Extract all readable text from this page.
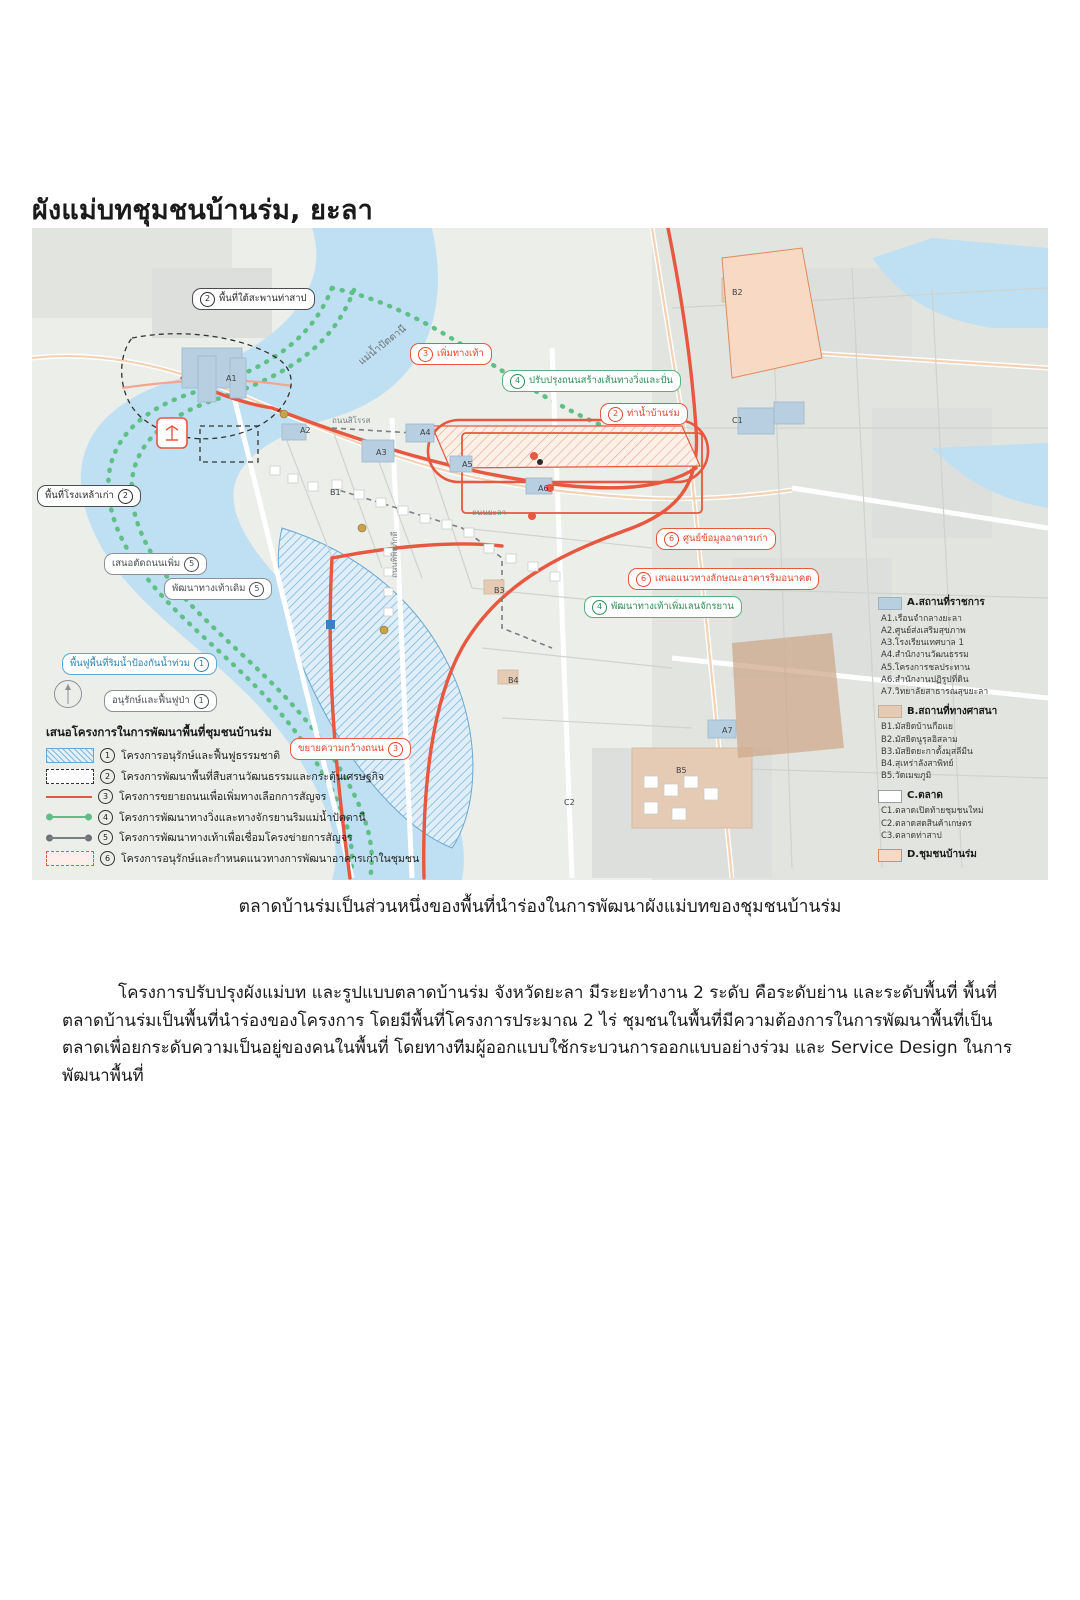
ผังแม่บทชุมชนบ้านร่ม, ยะลา
แม่น้ำปัตตานี
ถนนสิโรรส
ถนนยะลา
ถนนพิพิธภักดี
A1
A2
A3
A4
A5
A6
A7
B1
B2
B3
B4
B5
C1
C2
2 พื้นที่ใต้สะพานท่าสาป
3 เพิ่มทางเท้า
4 ปรับปรุงถนนสร้างเส้นทางวิ่งและปั่น
2 ท่าน้ำบ้านร่ม
พื้นที่โรงเหล้าเก่า	2
เสนอตัดถนนเพิ่ม	5
พัฒนาทางเท้าเดิม	5
6 ศูนย์ข้อมูลอาคารเก่า
6 เสนอแนวทางลักษณะอาคารริมอนาคต
4 พัฒนาทางเท้าเพิ่มเลนจักรยาน
พื้นฟูพื้นที่ริมน้ำป้องกันน้ำท่วม	1
อนุรักษ์และฟื้นฟูป่า	1
ขยายความกว้างถนน	3
เสนอโครงการในการพัฒนาพื้นที่ชุมชนบ้านร่ม
1	โครงการอนุรักษ์และฟื้นฟูธรรมชาติ
2	โครงการพัฒนาพื้นที่สืบสานวัฒนธรรมและกระตุ้นเศรษฐกิจ
3	โครงการขยายถนนเพื่อเพิ่มทางเลือกการสัญจร
4	โครงการพัฒนาทางวิ่งและทางจักรยานริมแม่น้ำปัตตานี
5	โครงการพัฒนาทางเท้าเพื่อเชื่อมโครงข่ายการสัญจร
6	โครงการอนุรักษ์และกำหนดแนวทางการพัฒนาอาคารเก่าในชุมชน
A.สถานที่ราชการ
A1.เรือนจำกลางยะลา
A2.ศูนย์ส่งเสริมสุขภาพ
A3.โรงเรียนเทศบาล 1
A4.สำนักงานวัฒนธรรม
A5.โครงการชลประทาน
A6.สำนักงานปฏิรูปที่ดิน
A7.วิทยาลัยสาธารณสุขยะลา
B.สถานที่ทางศาสนา
B1.มัสยิดบ้านกือแย
B2.มัสยิดนูรุลอิสลาม
B3.มัสยิดยะกาตั้งมุสลีมีน
B4.สุเหร่าลังสาพิทย์
B5.วัดเมฆภูมิ
C.ตลาด
C1.ตลาดเปิดท้ายชุมชนใหม่
C2.ตลาดสดสินค้าเกษตร
C3.ตลาดท่าสาป
D.ชุมชนบ้านร่ม
ตลาดบ้านร่มเป็นส่วนหนึ่งของพื้นที่นำร่องในการพัฒนาผังแม่บทของชุมชนบ้านร่ม
โครงการปรับปรุงผังแม่บท และรูปแบบตลาดบ้านร่ม จังหวัดยะลา มีระยะทำงาน 2 ระดับ คือระดับย่าน และระดับพื้นที่ พื้นที่ตลาดบ้านร่มเป็นพื้นที่นำร่องของโครงการ โดยมีพื้นที่โครงการประมาณ 2 ไร่ ชุมชนในพื้นที่มีความต้องการในการพัฒนาพื้นที่เป็นตลาดเพื่อยกระดับความเป็นอยู่ของคนในพื้นที่ โดยทางทีมผู้ออกแบบใช้กระบวนการออกแบบอย่างร่วม และ Service Design ในการพัฒนาพื้นที่
